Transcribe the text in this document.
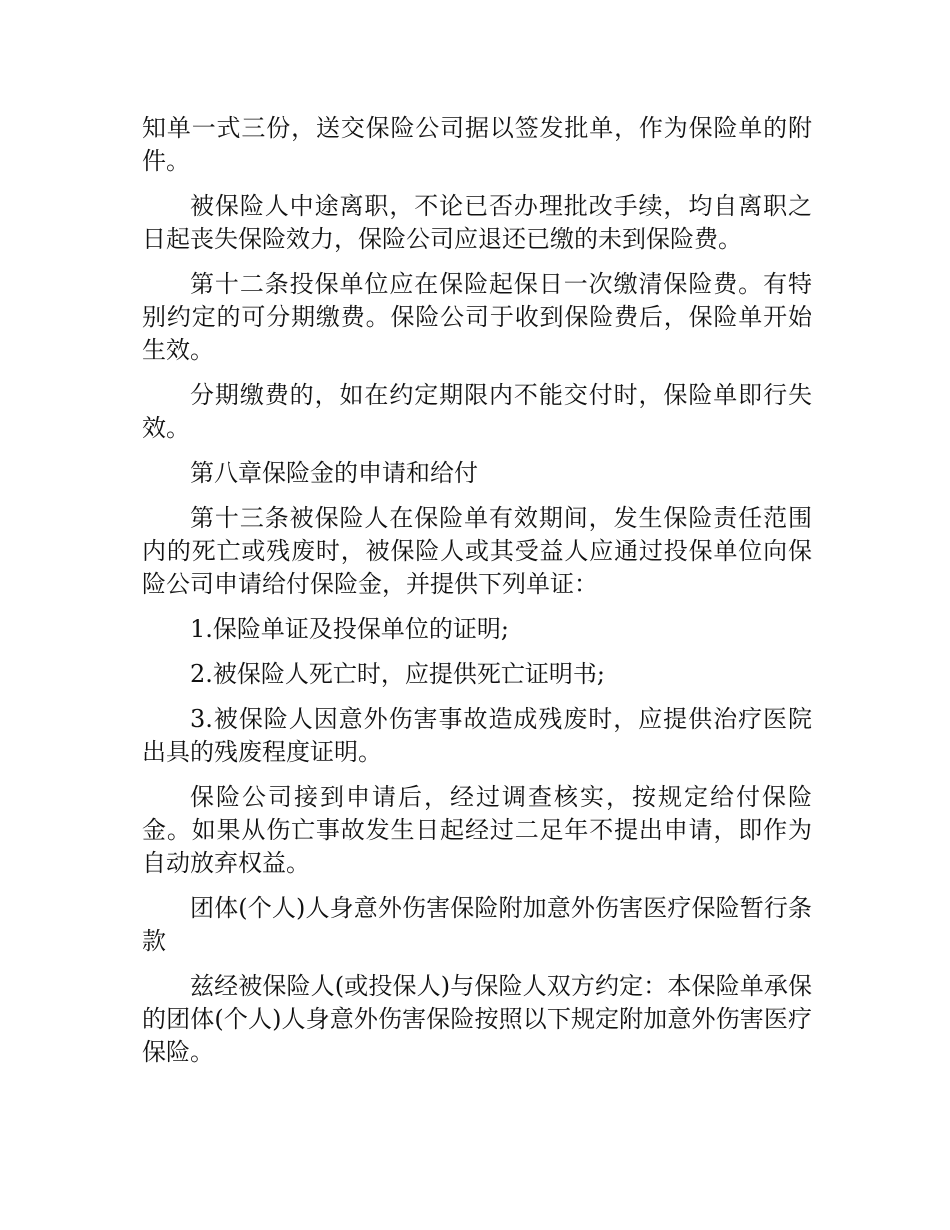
知单一式三份，送交保险公司据以签发批单，作为保险单的附件。

被保险人中途离职，不论已否办理批改手续，均自离职之日起丧失保险效力，保险公司应退还已缴的未到保险费。

第十二条投保单位应在保险起保日一次缴清保险费。有特别约定的可分期缴费。保险公司于收到保险费后，保险单开始生效。

分期缴费的，如在约定期限内不能交付时，保险单即行失效。

第八章保险金的申请和给付

第十三条被保险人在保险单有效期间，发生保险责任范围内的死亡或残废时，被保险人或其受益人应通过投保单位向保险公司申请给付保险金，并提供下列单证：

1.保险单证及投保单位的证明;

2.被保险人死亡时，应提供死亡证明书;

3.被保险人因意外伤害事故造成残废时，应提供治疗医院出具的残废程度证明。

保险公司接到申请后，经过调查核实，按规定给付保险金。如果从伤亡事故发生日起经过二足年不提出申请，即作为自动放弃权益。

团体(个人)人身意外伤害保险附加意外伤害医疗保险暂行条款

兹经被保险人(或投保人)与保险人双方约定：本保险单承保的团体(个人)人身意外伤害保险按照以下规定附加意外伤害医疗保险。
